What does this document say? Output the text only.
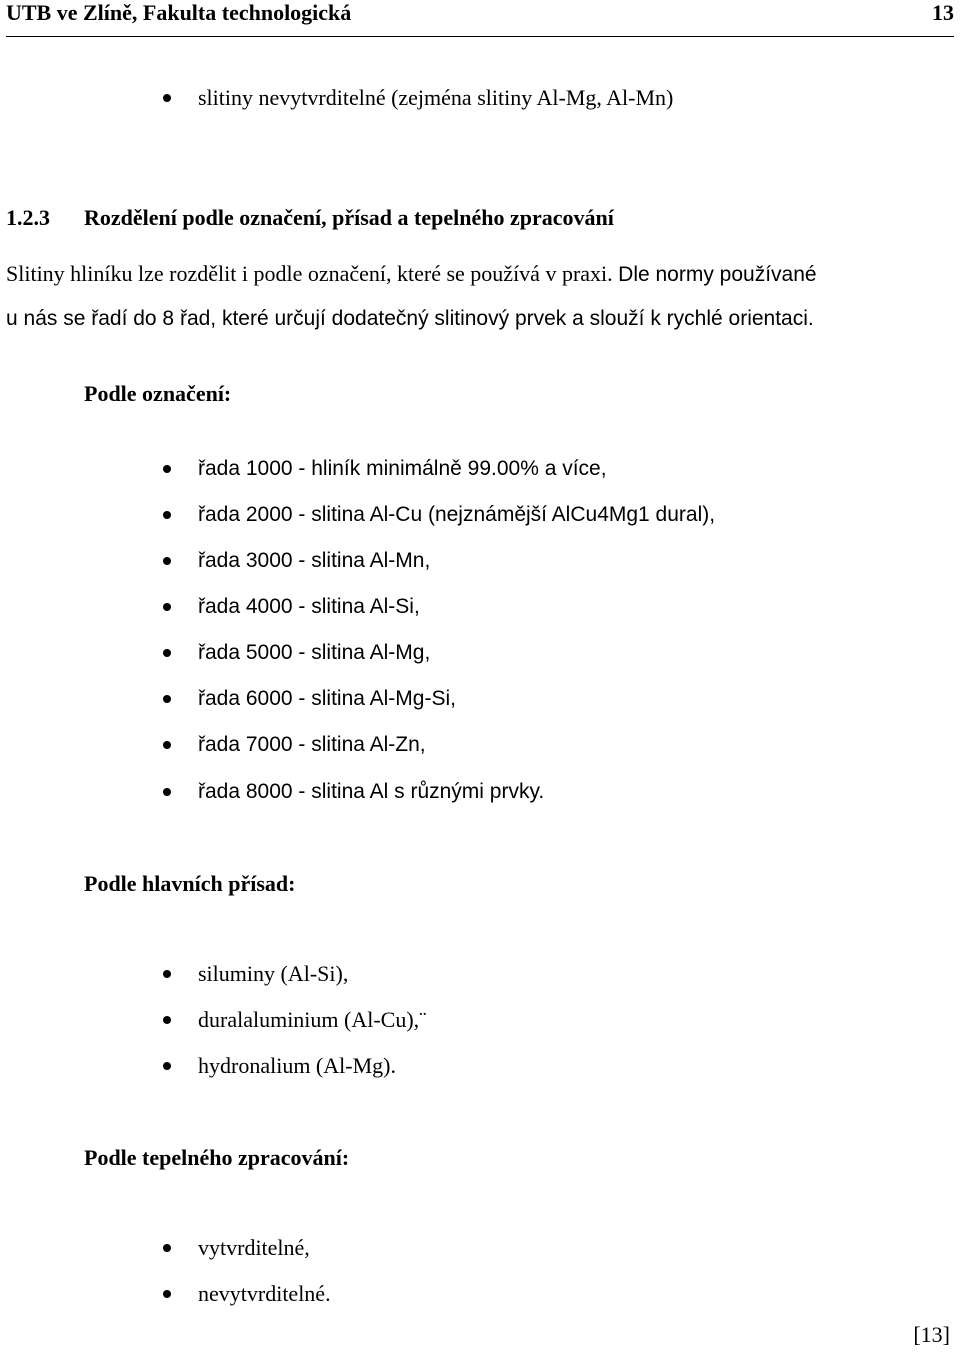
UTB ve Zlíně, Fakulta technologická	13
slitiny nevytvrditelné (zejména slitiny Al-Mg, Al-Mn)
1.2.3 Rozdělení podle označení, přísad a tepelného zpracování
Slitiny hliníku lze rozdělit i podle označení, které se používá v praxi. Dle normy používané
u nás se řadí do 8 řad, které určují dodatečný slitinový prvek a slouží k rychlé orientaci.
Podle označení:
řada 1000 - hliník minimálně 99.00% a více,
řada 2000 - slitina Al-Cu (nejznámější AlCu4Mg1 dural),
řada 3000 - slitina Al-Mn,
řada 4000 - slitina Al-Si,
řada 5000 - slitina Al-Mg,
řada 6000 - slitina Al-Mg-Si,
řada 7000 - slitina Al-Zn,
řada 8000 - slitina Al s různými prvky.
Podle hlavních přísad:
siluminy (Al-Si),
duralaluminium (Al-Cu),¨
hydronalium (Al-Mg).
Podle tepelného zpracování:
vytvrditelné,
nevytvrditelné.
[13]
